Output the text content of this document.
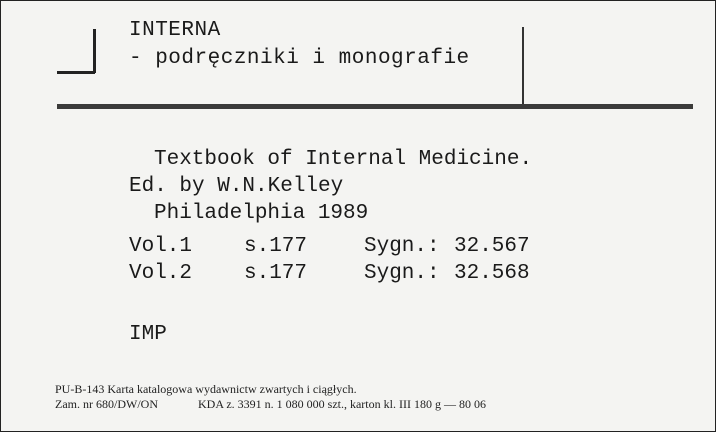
INTERNA
- podręczniki i monografie
Textbook of Internal Medicine.
Ed. by W.N.Kelley
Philadelphia 1989
Vol.1 s.177	Sygn.: 32.567
Vol.2 s.177	Sygn.: 32.568
IMP
PU-B-143 Karta katalogowa wydawnictw zwartych i ciągłych.
Zam. nr 680/DW/ON	KDA z. 3391 n. 1 080 000 szt., karton kl. III 180 g — 80 06
